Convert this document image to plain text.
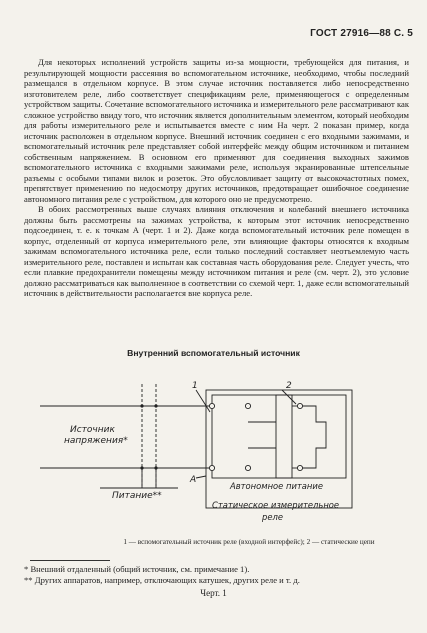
ГОСТ 27916—88 С. 5

Для некоторых исполнений устройств защиты из-за мощности, требующейся для питания, и результирующей мощности рассеяния во вспомогательном источнике, необходимо, чтобы последний размещался в отдельном корпусе. В этом случае источник поставляется либо непосредственно изготовителем реле, либо соответствует спецификациям реле, применяющегося с определенным устройством защиты. Сочетание вспомогательного источника и измерительного реле рассматривают как сложное устройство ввиду того, что источник является дополнительным элементом, который необходим для работы измерительного реле и испытывается вместе с ним На черт. 2 показан пример, когда источник расположен в отдельном корпусе. Внешний источник соединен с его входными зажимами, и вспомогательный источник реле представляет собой интерфейс между общим источником и питанием собственным напряжением. В основном его применяют для соединения выходных зажимов вспомогательного источника с входными зажимами реле, используя экранированные штепсельные разъемы с особыми типами вилок и розеток. Это обусловливает защиту от высокочастотных помех, препятствует применению по недосмотру других источников, предотвращает ошибочное соединение автономного питания реле с устройством, для которого оно не предусмотрено.

В обоих рассмотренных выше случаях влияния отключения и колебаний внешнего источника должны быть рассмотрены на зажимах устройства, к которым этот источник непосредственно подсоединен, т. е. к точкам А (черт. 1 и 2). Даже когда вспомогательный источник реле помещен в корпус, отделенный от корпуса измерительного реле, эти влияющие факторы относятся к входным зажимам вспомогательного источника реле, если только последний составляет неотъемлемую часть измерительного реле, поставлен и испытан как составная часть оборудования реле. Следует учесть, что если плавкие предохранители помещены между источником питания и реле (см. черт. 2), это условие должно рассматриваться как выполненное в соответствии со схемой черт. 1, даже если вспомогательный источник в действительности располагается вне корпуса реле.

Внутренний вспомогательный источник
Источник
напряжения*
Питание**
А
1	2
Автономное питание
Статическое измерительное
реле
1 — вспомогательный источник реле (входной интерфейс); 2 — статические цепи
* Внешний отдаленный (общий источник, см. примечание 1).
** Других аппаратов, например, отключающих катушек, других реле и т. д.
Черт. 1
